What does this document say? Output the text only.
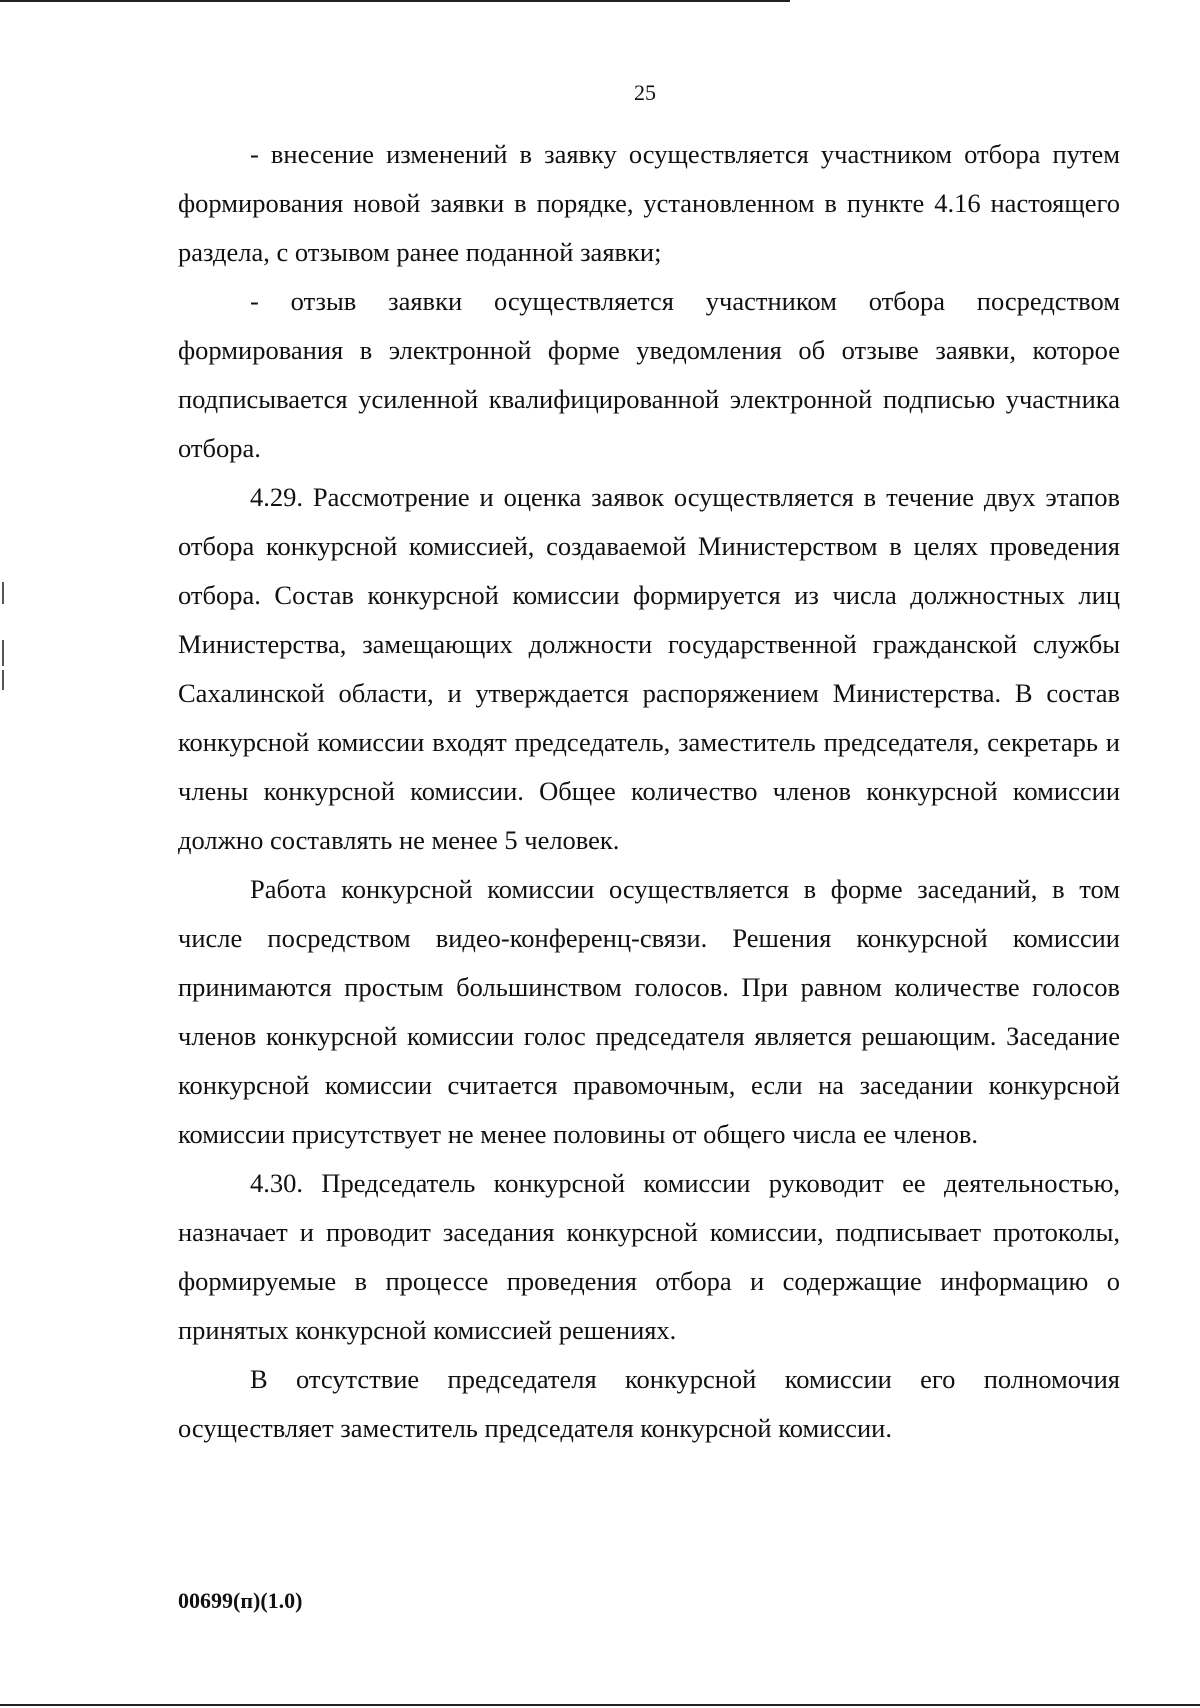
25

- внесение изменений в заявку осуществляется участником отбора путем формирования новой заявки в порядке, установленном в пункте 4.16 настоящего раздела, с отзывом ранее поданной заявки;

- отзыв заявки осуществляется участником отбора посредством формирования в электронной форме уведомления об отзыве заявки, которое подписывается усиленной квалифицированной электронной подписью участника отбора.

4.29. Рассмотрение и оценка заявок осуществляется в течение двух этапов отбора конкурсной комиссией, создаваемой Министерством в целях проведения отбора. Состав конкурсной комиссии формируется из числа должностных лиц Министерства, замещающих должности государственной гражданской службы Сахалинской области, и утверждается распоряжением Министерства. В состав конкурсной комиссии входят председатель, заместитель председателя, секретарь и члены конкурсной комиссии. Общее количество членов конкурсной комиссии должно составлять не менее 5 человек.

Работа конкурсной комиссии осуществляется в форме заседаний, в том числе посредством видео-конференц-связи. Решения конкурсной комиссии принимаются простым большинством голосов. При равном количестве голосов членов конкурсной комиссии голос председателя является решающим. Заседание конкурсной комиссии считается правомочным, если на заседании конкурсной комиссии присутствует не менее половины от общего числа ее членов.

4.30. Председатель конкурсной комиссии руководит ее деятельностью, назначает и проводит заседания конкурсной комиссии, подписывает протоколы, формируемые в процессе проведения отбора и содержащие информацию о принятых конкурсной комиссией решениях.

В отсутствие председателя конкурсной комиссии его полномочия осуществляет заместитель председателя конкурсной комиссии.

00699(п)(1.0)
